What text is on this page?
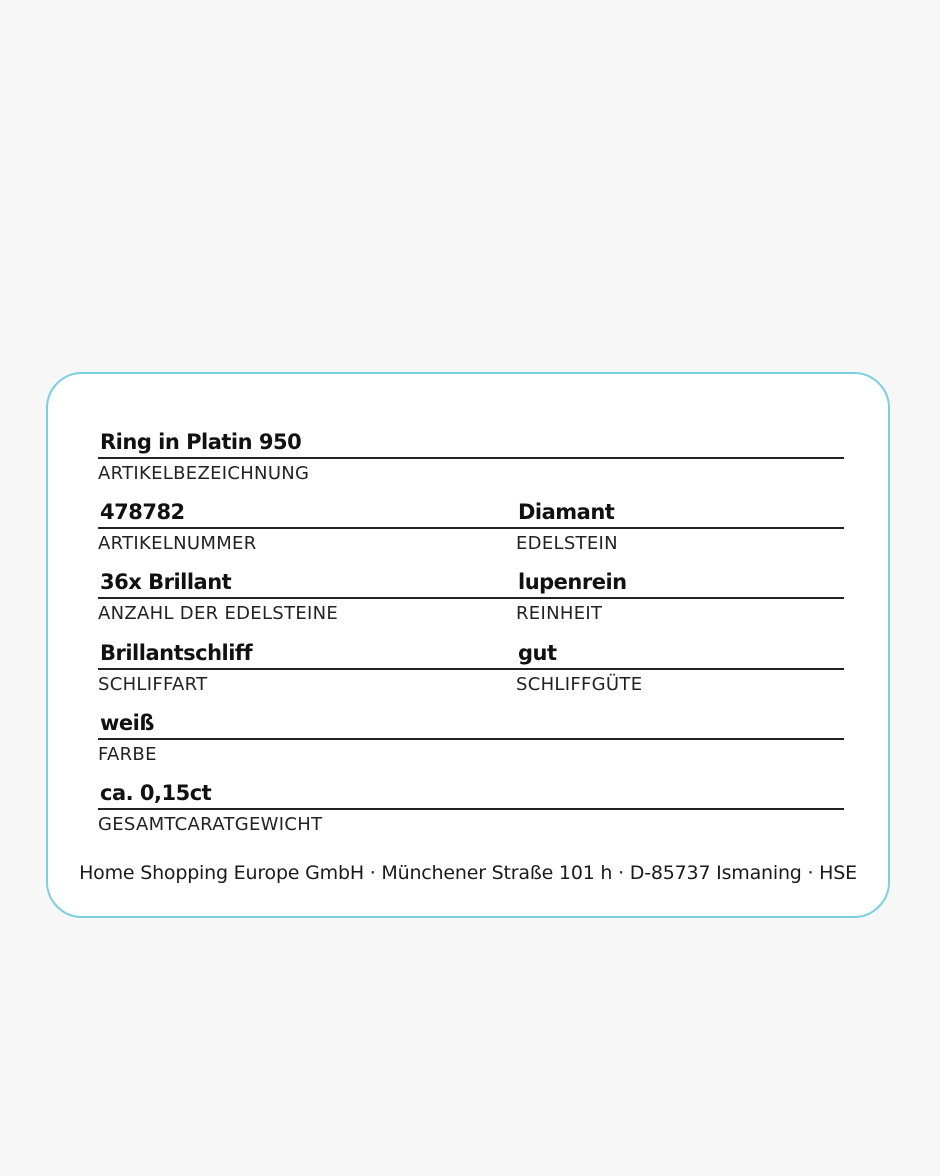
Ring in Platin 950
ARTIKELBEZEICHNUNG
478782
ARTIKELNUMMER
Diamant
EDELSTEIN
36x Brillant
ANZAHL DER EDELSTEINE
lupenrein
REINHEIT
Brillantschliff
SCHLIFFART
gut
SCHLIFFGÜTE
weiß
FARBE
ca. 0,15ct
GESAMTCARATGEWICHT
Home Shopping Europe GmbH · Münchener Straße 101 h · D-85737 Ismaning · HSE
